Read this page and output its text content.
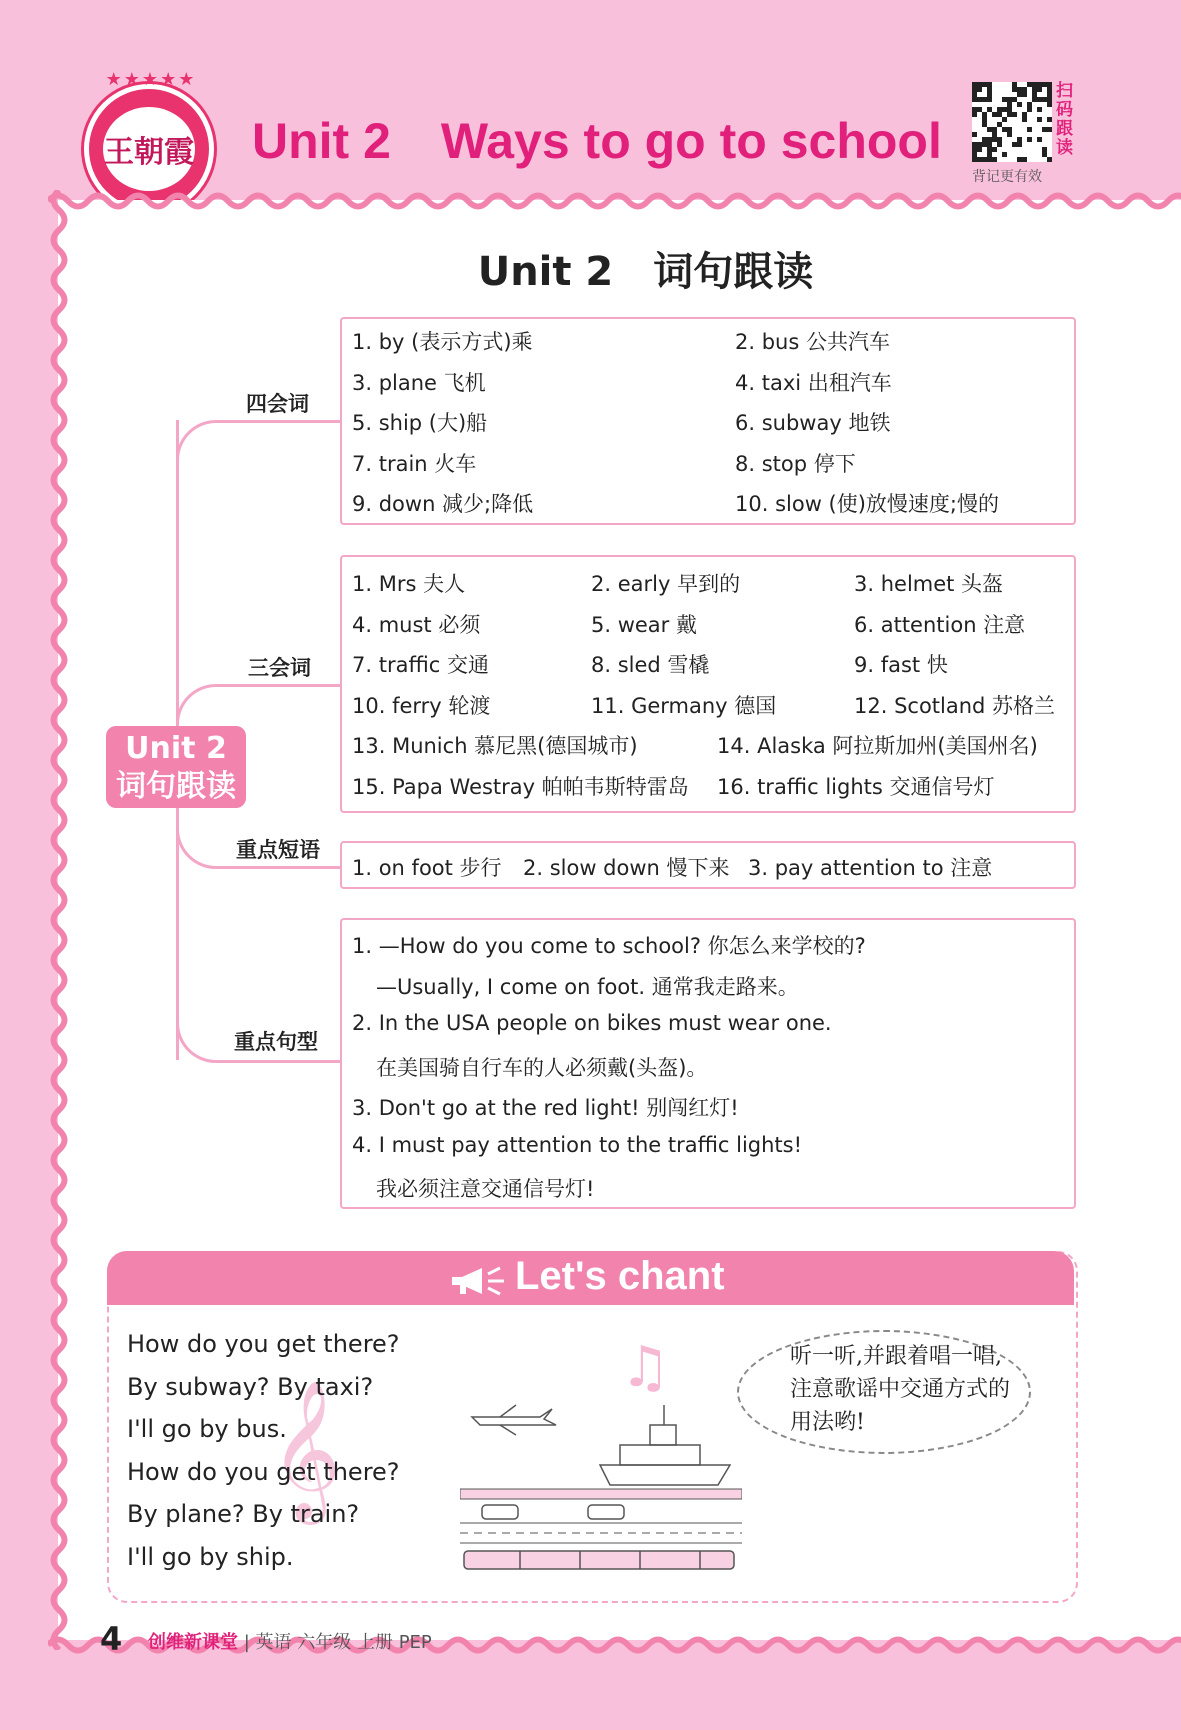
★★★★★
王朝霞 Unit 2 Ways to go to school
扫码跟读
背记更有效
Unit 2 词句跟读
四会词
三会词
重点短语
重点句型
Unit 2
词句跟读
1. by (表示方式)乘	2. bus 公共汽车
3. plane 飞机	4. taxi 出租汽车
5. ship (大)船	6. subway 地铁
7. train 火车	8. stop 停下
9. down 减少;降低	10. slow (使)放慢速度;慢的
1. Mrs 夫人	2. early 早到的	3. helmet 头盔
4. must 必须	5. wear 戴	6. attention 注意
7. traffic 交通	8. sled 雪橇	9. fast 快
10. ferry 轮渡	11. Germany 德国	12. Scotland 苏格兰
13. Munich 慕尼黑(德国城市)	14. Alaska 阿拉斯加州(美国州名)
15. Papa Westray 帕帕韦斯特雷岛 16. traffic lights 交通信号灯
1. on foot 步行 2. slow down 慢下来 3. pay attention to 注意
1. —How do you come to school? 你怎么来学校的?
—Usually, I come on foot. 通常我走路来。
2. In the USA people on bikes must wear one.
在美国骑自行车的人必须戴(头盔)。
3. Don't go at the red light! 别闯红灯!
4. I must pay attention to the traffic lights!
我必须注意交通信号灯!
Let's chant
𝄞
♫
How do you get there?
By subway? By taxi?
I'll go by bus.
How do you get there?
By plane? By train?
I'll go by ship.
听一听,并跟着唱一唱,注意歌谣中交通方式的用法哟!
4 创维新课堂 | 英语 六年级 上册 PEP
